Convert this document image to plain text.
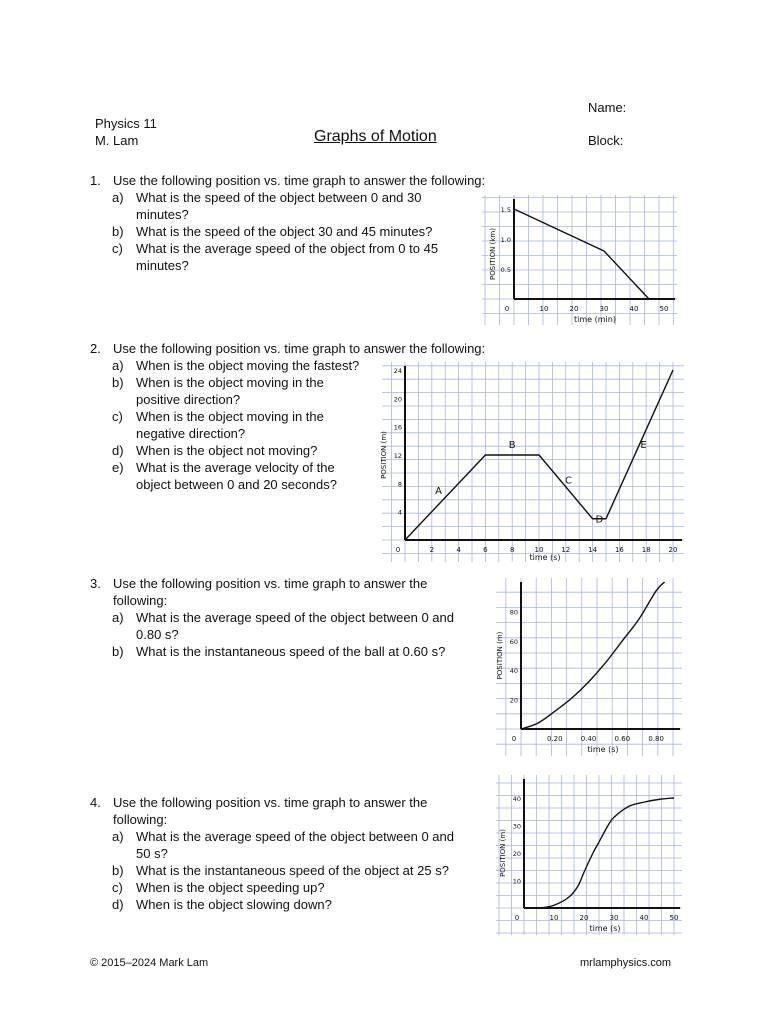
Physics 11
M. Lam	Graphs of Motion
Name:
Block:
1. Use the following position vs. time graph to answer the following:
a) What is the speed of the object between 0 and 30
minutes?
b) What is the speed of the object 30 and 45 minutes?
c) What is the average speed of the object from 0 to 45
minutes?
2. Use the following position vs. time graph to answer the following:
a) When is the object moving the fastest?
b) When is the object moving in the
positive direction?
c) When is the object moving in the
negative direction?
d) When is the object not moving?
e) What is the average velocity of the
object between 0 and 20 seconds?
3. Use the following position vs. time graph to answer the
following:
a) What is the average speed of the object between 0 and
0.80 s?
b) What is the instantaneous speed of the ball at 0.60 s?
4. Use the following position vs. time graph to answer the
following:
a) What is the average speed of the object between 0 and
50 s?
b) What is the instantaneous speed of the object at 25 s?
c) When is the object speeding up?
d) When is the object slowing down?
0	10	20	30	40	50
0.5
1.0
1.5
time (min)
POSITION (km)
0	2	4	6	8	10	12	14	16	18	20
4
8
12
16
20
24
time (s)
POSITION (m)
A
B
C
D
E
0	0.20	0.40	0.60	0.80
20
40
60
80
time (s)
POSITION (m)
0	10	20	30	40	50
10
20
30
40
time (s)
POSITION (m)
© 2015–2024 Mark Lam	mrlamphysics.com
